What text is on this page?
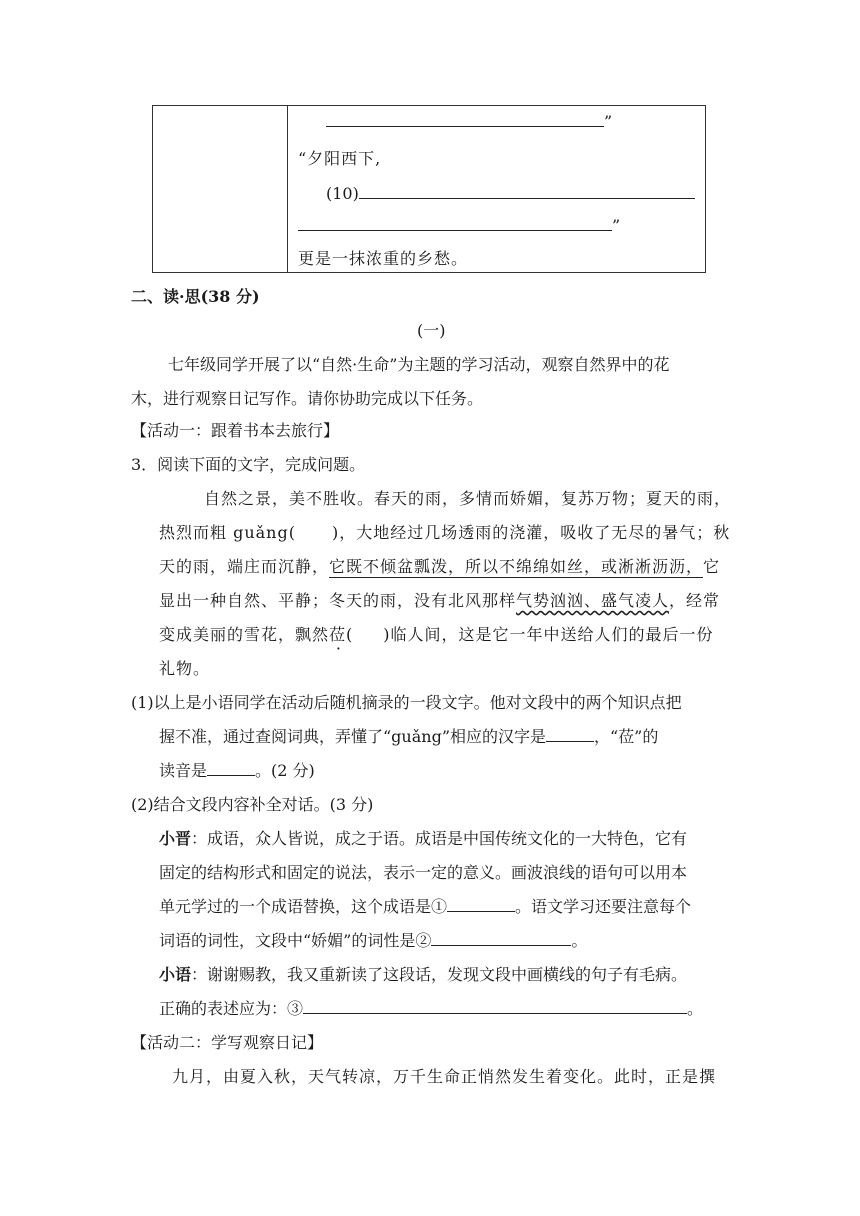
”
“夕阳西下,
(10)
”
更是一抹浓重的乡愁。
二、读·思(38 分)
(一)
七年级同学开展了以“自然·生命”为主题的学习活动，观察自然界中的花
木，进行观察日记写作。请你协助完成以下任务。
【活动一：跟着书本去旅行】
3．阅读下面的文字，完成问题。
自然之景，美不胜收。春天的雨，多情而娇媚，复苏万物；夏天的雨，
热烈而粗 guǎng( )，大地经过几场透雨的浇灌，吸收了无尽的暑气；秋
天的雨，端庄而沉静，它既不倾盆瓢泼，所以不绵绵如丝，或淅淅沥沥，它
显出一种自然、平静；冬天的雨，没有北风那样气势汹汹、盛气凌人，经常
变成美丽的雪花，飘然莅( )临人间，这是它一年中送给人们的最后一份
礼物。
(1)以上是小语同学在活动后随机摘录的一段文字。他对文段中的两个知识点把
握不准，通过查阅词典，弄懂了“guǎng”相应的汉字是	，“莅”的
读音是	。(2 分)
(2)结合文段内容补全对话。(3 分)
小晋：成语，众人皆说，成之于语。成语是中国传统文化的一大特色，它有
固定的结构形式和固定的说法，表示一定的意义。画波浪线的语句可以用本
单元学过的一个成语替换，这个成语是①	。语文学习还要注意每个
词语的词性，文段中“娇媚”的词性是②	。
小语：谢谢赐教，我又重新读了这段话，发现文段中画横线的句子有毛病。
正确的表述应为：③	。
【活动二：学写观察日记】
九月，由夏入秋，天气转凉，万千生命正悄然发生着变化。此时，正是撰
